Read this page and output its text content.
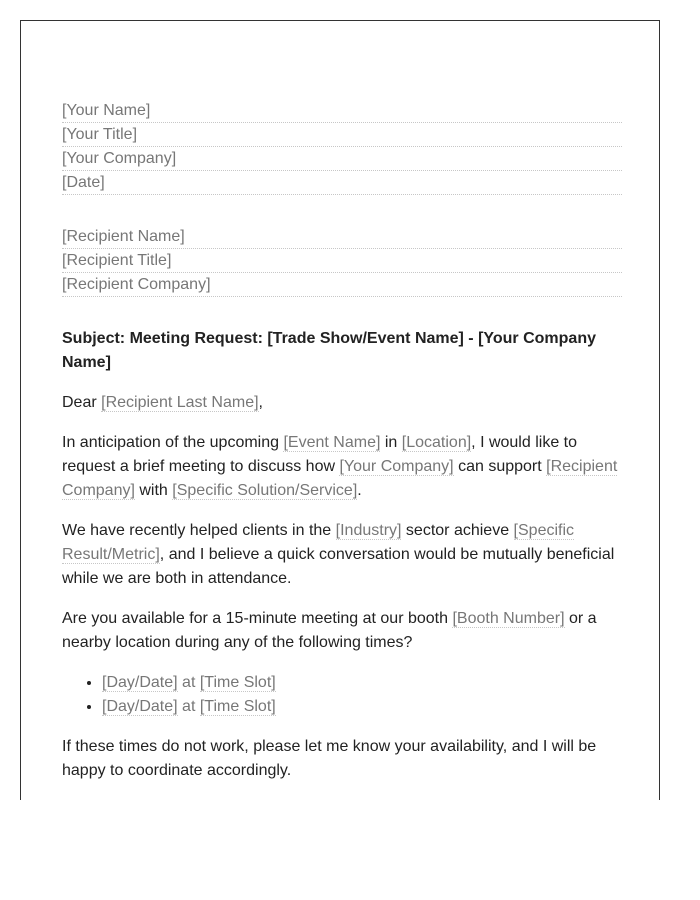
[Your Name]
[Your Title]
[Your Company]
[Date]
[Recipient Name]
[Recipient Title]
[Recipient Company]
Subject: Meeting Request: [Trade Show/Event Name] - [Your Company Name]

Dear [Recipient Last Name],

In anticipation of the upcoming [Event Name] in [Location], I would like to request a brief meeting to discuss how [Your Company] can support [Recipient Company] with [Specific Solution/Service].

We have recently helped clients in the [Industry] sector achieve [Specific Result/Metric], and I believe a quick conversation would be mutually beneficial while we are both in attendance.

Are you available for a 15-minute meeting at our booth [Booth Number] or a nearby location during any of the following times?

• [Day/Date] at [Time Slot]
• [Day/Date] at [Time Slot]

If these times do not work, please let me know your availability, and I will be happy to coordinate accordingly.
